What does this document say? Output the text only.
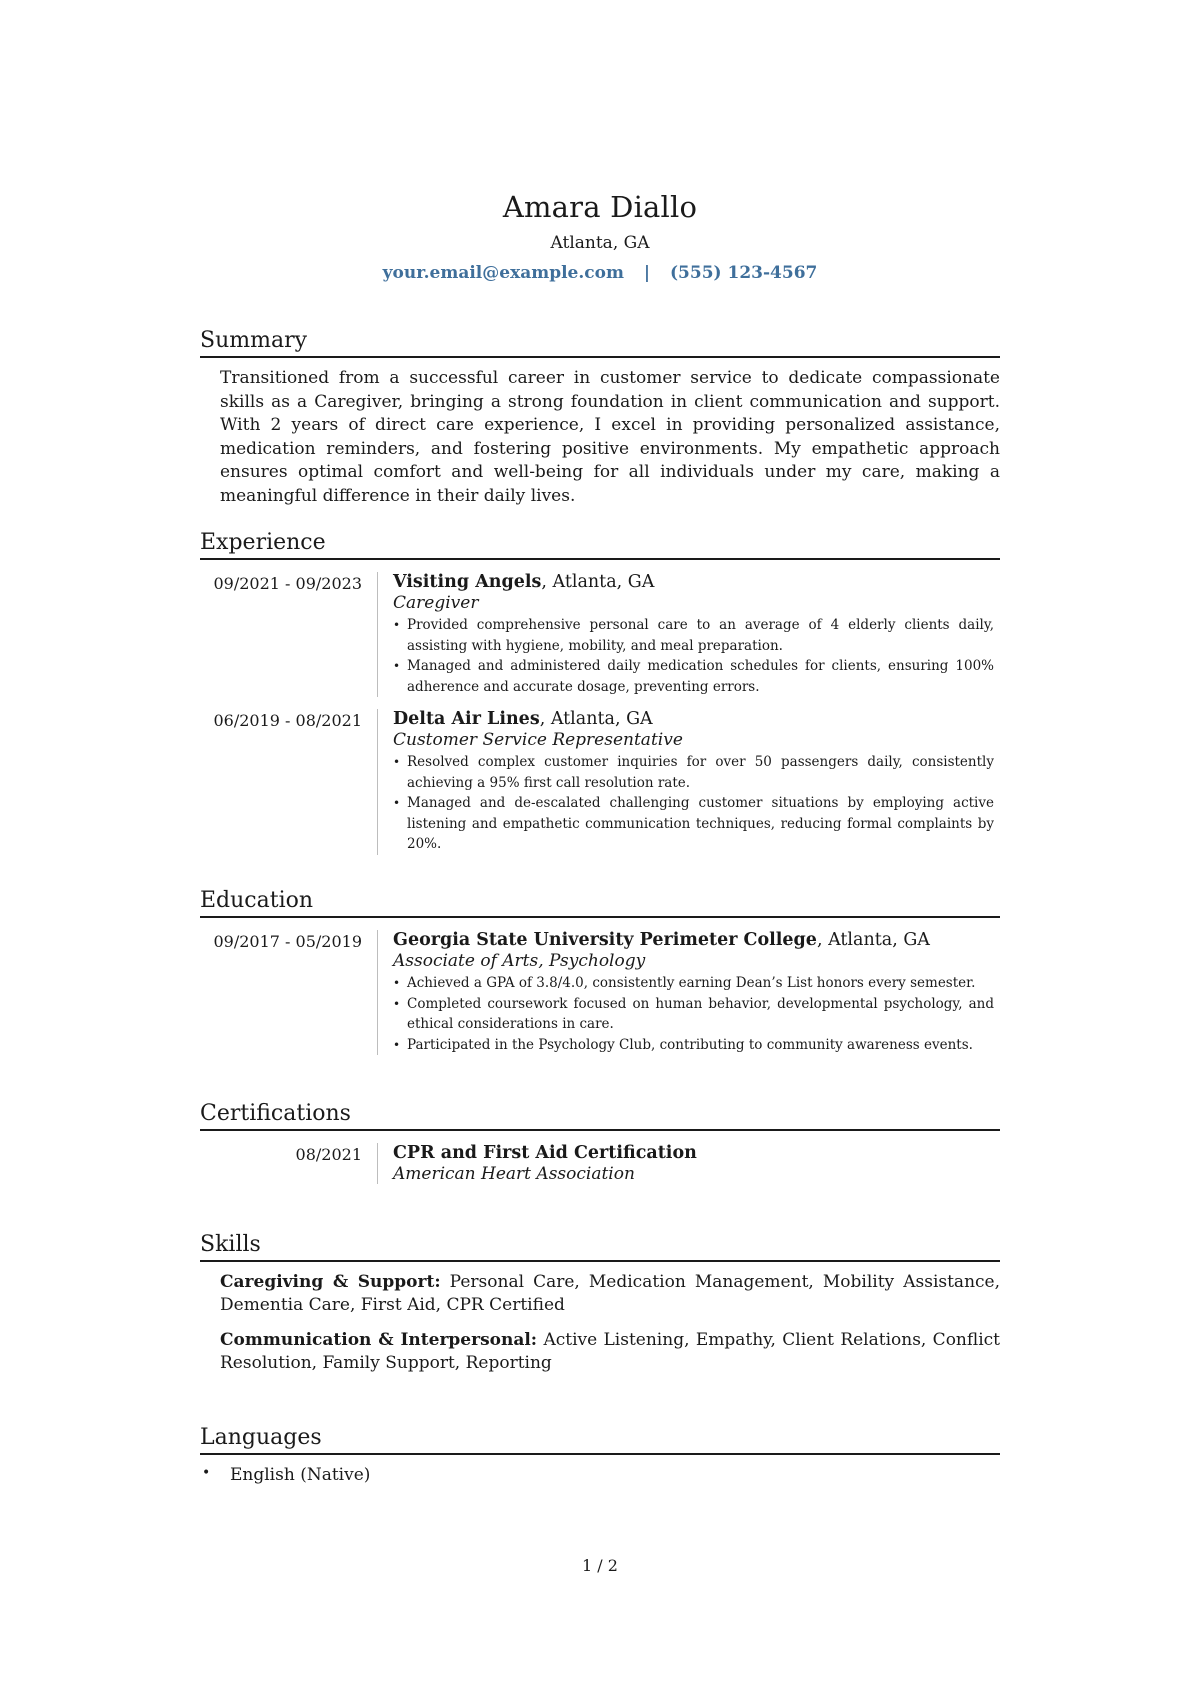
Amara Diallo
Atlanta, GA
your.email@example.com | (555) 123-4567
Summary
Transitioned from a successful career in customer service to dedicate compassionate skills as a Caregiver, bringing a strong foundation in client communication and support. With 2 years of direct care experience, I excel in providing personalized assistance, medication reminders, and fostering positive environments. My empathetic approach ensures optimal comfort and well-being for all individuals under my care, making a meaningful difference in their daily lives.
Experience
09/2021 - 09/2023	Visiting Angels, Atlanta, GA
Caregiver
• Provided comprehensive personal care to an average of 4 elderly clients daily, assisting with hygiene, mobility, and meal preparation.
• Managed and administered daily medication schedules for clients, ensuring 100% adherence and accurate dosage, preventing errors.
06/2019 - 08/2021	Delta Air Lines, Atlanta, GA
Customer Service Representative
• Resolved complex customer inquiries for over 50 passengers daily, consistently achieving a 95% first call resolution rate.
• Managed and de-escalated challenging customer situations by employing active listening and empathetic communication techniques, reducing formal complaints by 20%.
Education
09/2017 - 05/2019	Georgia State University Perimeter College, Atlanta, GA
Associate of Arts, Psychology
• Achieved a GPA of 3.8/4.0, consistently earning Dean’s List honors every semester.
• Completed coursework focused on human behavior, developmental psychology, and ethical considerations in care.
• Participated in the Psychology Club, contributing to community awareness events.
Certifications
08/2021	CPR and First Aid Certification
American Heart Association
Skills
Caregiving & Support: Personal Care, Medication Management, Mobility Assistance, Dementia Care, First Aid, CPR Certified
Communication & Interpersonal: Active Listening, Empathy, Client Relations, Conflict Resolution, Family Support, Reporting
Languages
• English (Native)
1 / 2
